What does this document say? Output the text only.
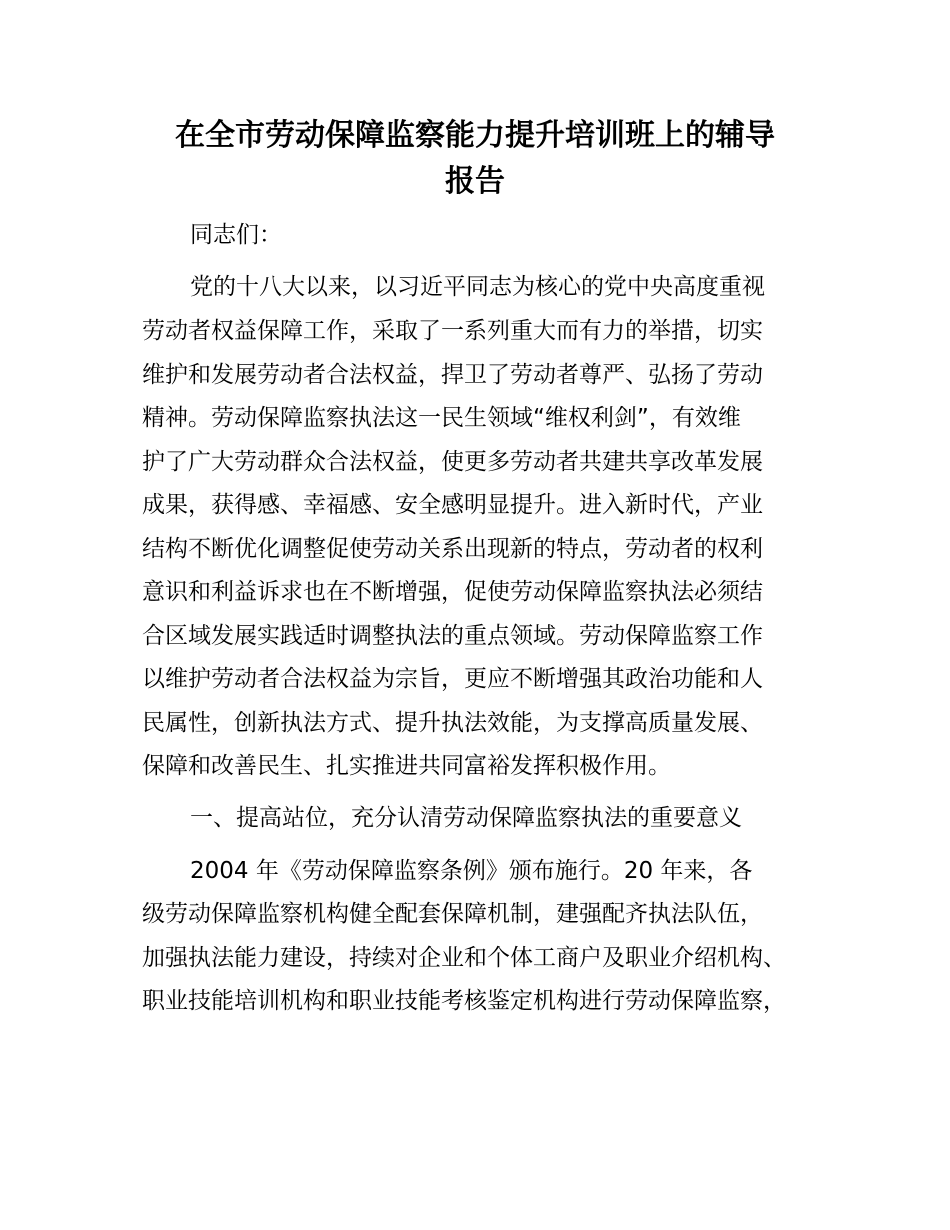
在全市劳动保障监察能力提升培训班上的辅导
报告

同志们：

党的十八大以来，以习近平同志为核心的党中央高度重视

劳动者权益保障工作，采取了一系列重大而有力的举措，切实

维护和发展劳动者合法权益，捍卫了劳动者尊严、弘扬了劳动

精神。劳动保障监察执法这一民生领域“维权利剑”，有效维

护了广大劳动群众合法权益，使更多劳动者共建共享改革发展

成果，获得感、幸福感、安全感明显提升。进入新时代，产业

结构不断优化调整促使劳动关系出现新的特点，劳动者的权利

意识和利益诉求也在不断增强，促使劳动保障监察执法必须结

合区域发展实践适时调整执法的重点领域。劳动保障监察工作

以维护劳动者合法权益为宗旨，更应不断增强其政治功能和人

民属性，创新执法方式、提升执法效能，为支撑高质量发展、

保障和改善民生、扎实推进共同富裕发挥积极作用。

一、提高站位，充分认清劳动保障监察执法的重要意义

2004 年《劳动保障监察条例》颁布施行。20 年来，各

级劳动保障监察机构健全配套保障机制，建强配齐执法队伍，

加强执法能力建设，持续对企业和个体工商户及职业介绍机构、

职业技能培训机构和职业技能考核鉴定机构进行劳动保障监察，
